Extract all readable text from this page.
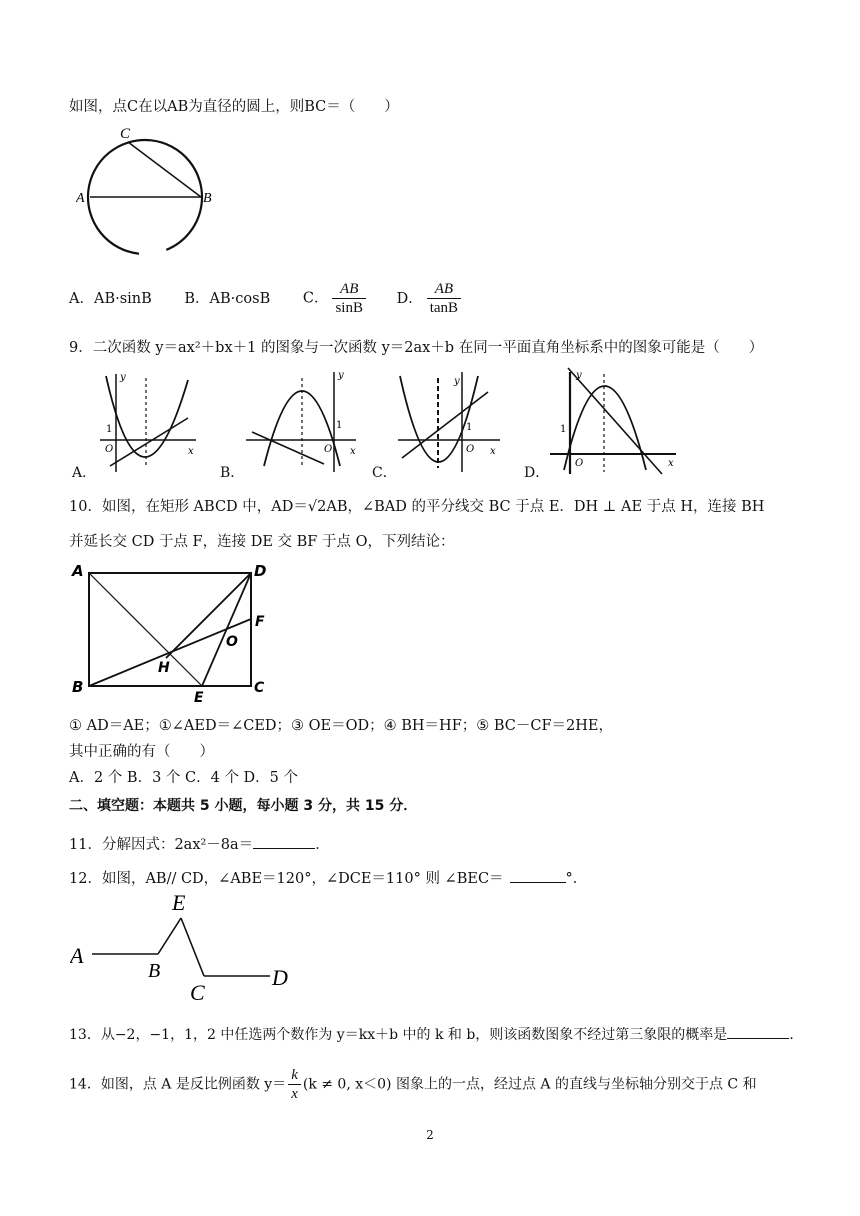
如图，点C在以AB为直径的圆上，则BC＝（　　）
C
A	B
A．AB·sinB B．AB·cosB C． $\frac{AB}{\sin B}$ D． $\frac{AB}{\tan B}$
9．二次函数 y＝ax²＋bx＋1 的图象与一次函数 y＝2ax＋b 在同一平面直角坐标系中的图象可能是（　　）
y
1
O	x
A．
y
1
O x
B．
y
1
O x
C．
y
1
O	x
D．
10．如图，在矩形 ABCD 中，AD＝√2AB，∠BAD 的平分线交 BC 于点 E．DH ⊥ AE 于点 H，连接 BH
并延长交 CD 于点 F，连接 DE 交 BF 于点 O，下列结论：
A	D
F
O
H
B
E
C
① AD＝AE；①∠AED＝∠CED；③ OE＝OD；④ BH＝HF；⑤ BC－CF＝2HE，
其中正确的有（　　）
A．2 个 B．3 个 C．4 个 D．5 个
二、填空题：本题共 5 小题，每小题 3 分，共 15 分．
11．分解因式：2ax²－8a＝	．
12．如图，AB// CD，∠ABE＝120°，∠DCE＝110° 则 ∠BEC＝	°．
A
B
E
C
D
13．从−2，−1，1，2 中任选两个数作为 y＝kx＋b 中的 k 和 b，则该函数图象不经过第三象限的概率是	．
14．如图，点 A 是反比例函数 $y= \frac{k}{x} (k \ne 0$, x＜0) 图象上的一点，经过点 A 的直线与坐标轴分别交于点 C 和
2
